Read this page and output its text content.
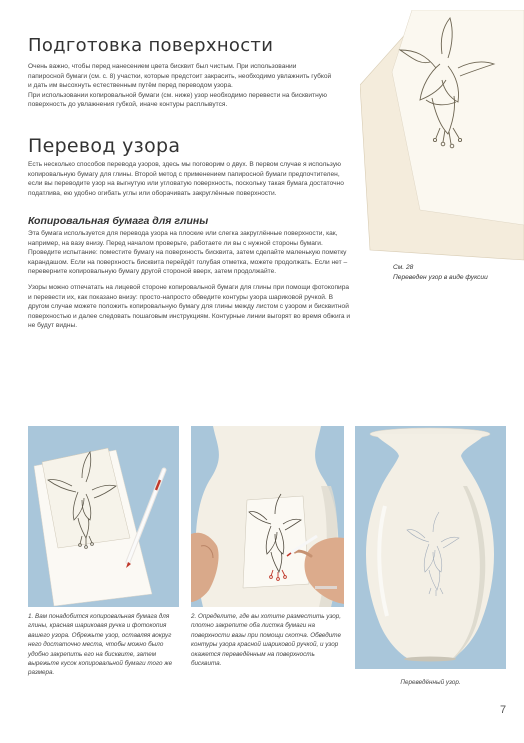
Подготовка поверхности

Очень важно, чтобы перед нанесением цвета бисквит был чистым. При использовании папиросной бумаги (см. с. 8) участки, которые предстоит закрасить, необходимо увлажнить губкой и дать им высохнуть естественным путём перед переводом узора.

При использовании копировальной бумаги (см. ниже) узор необходимо перевести на бисквитную поверхность до увлажнения губкой, иначе контуры расплывутся.

Перевод узора

Есть несколько способов перевода узоров, здесь мы поговорим о двух. В первом случае я использую копировальную бумагу для глины. Второй метод с применением папиросной бумаги предпочтителен, если вы переводите узор на выгнутую или угловатую поверхность, поскольку такая бумага достаточно податлива, ею удобно огибать углы или оборачивать закруглённые поверхности.

Копировальная бумага для глины

Эта бумага используется для перевода узора на плоские или слегка закруглённые поверхности, как, например, на вазу внизу. Перед началом проверьте, работаете ли вы с нужной стороны бумаги. Проведите испытание: поместите бумагу на поверхность бисквита, затем сделайте маленькую пометку карандашом. Если на поверхность бисквита перейдёт голубая отметка, можете продолжать. Если нет – переверните копировальную бумагу другой стороной вверх, затем продолжайте.

Узоры можно отпечатать на лицевой стороне копировальной бумаги для глины при помощи фотокопира и перевести их, как показано внизу: просто-напросто обведите контуры узора шариковой ручкой. В другом случае можете положить копировальную бумагу для глины между листом с узором и бисквитной поверхностью и далее следовать пошаговым инструкциям. Контурные линии выгорят во время обжига и не будут видны.

См. 28
Переведен узор в виде фуксии

1. Вам понадобится копировальная бумага для глины, красная шариковая ручка и фотокопия вашего узора. Обрежьте узор, оставляя вокруг него достаточно места, чтобы можно было удобно закрепить его на бисквите, затем вырежьте кусок копировальной бумаги того же размера.

2. Определите, где вы хотите разместить узор, плотно закрепите оба листка бумаги на поверхности вазы при помощи скотча. Обведите контуры узора красной шариковой ручкой, и узор окажется переведённым на поверхность бисквита.

Переведённый узор.

7
